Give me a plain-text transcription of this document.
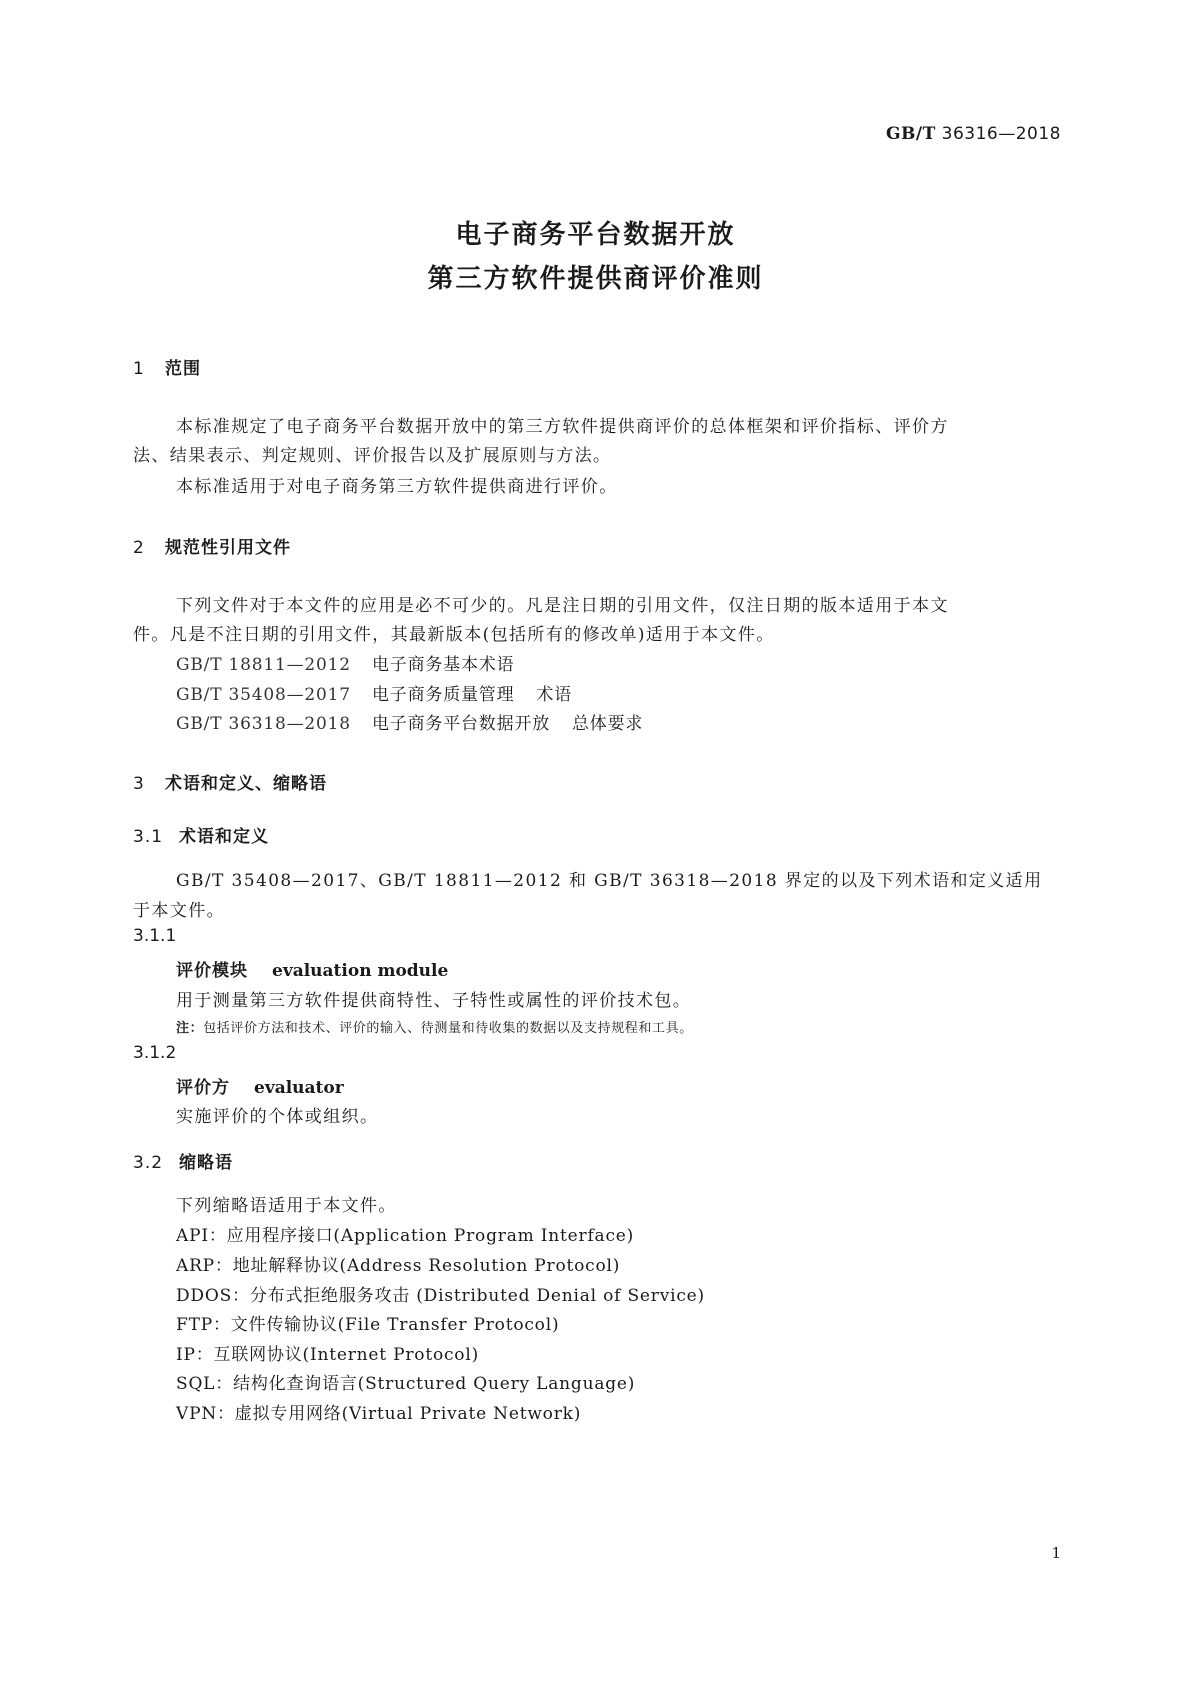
GB/T 36316—2018
电子商务平台数据开放
第三方软件提供商评价准则
1 范围
本标准规定了电子商务平台数据开放中的第三方软件提供商评价的总体框架和评价指标、评价方
法、结果表示、判定规则、评价报告以及扩展原则与方法。
本标准适用于对电子商务第三方软件提供商进行评价。
2 规范性引用文件
下列文件对于本文件的应用是必不可少的。凡是注日期的引用文件，仅注日期的版本适用于本文
件。凡是不注日期的引用文件，其最新版本(包括所有的修改单)适用于本文件。
GB/T 18811—2012 电子商务基本术语
GB/T 35408—2017 电子商务质量管理 术语
GB/T 36318—2018 电子商务平台数据开放 总体要求
3 术语和定义、缩略语
3.1 术语和定义
GB/T 35408—2017、GB/T 18811—2012 和 GB/T 36318—2018 界定的以及下列术语和定义适用
于本文件。
3.1.1
评价模块 evaluation module
用于测量第三方软件提供商特性、子特性或属性的评价技术包。
注：包括评价方法和技术、评价的输入、待测量和待收集的数据以及支持规程和工具。
3.1.2
评价方 evaluator
实施评价的个体或组织。
3.2 缩略语
下列缩略语适用于本文件。
API：应用程序接口(Application Program Interface)
ARP：地址解释协议(Address Resolution Protocol)
DDOS：分布式拒绝服务攻击 (Distributed Denial of Service)
FTP：文件传输协议(File Transfer Protocol)
IP：互联网协议(Internet Protocol)
SQL：结构化查询语言(Structured Query Language)
VPN：虚拟专用网络(Virtual Private Network)
1
